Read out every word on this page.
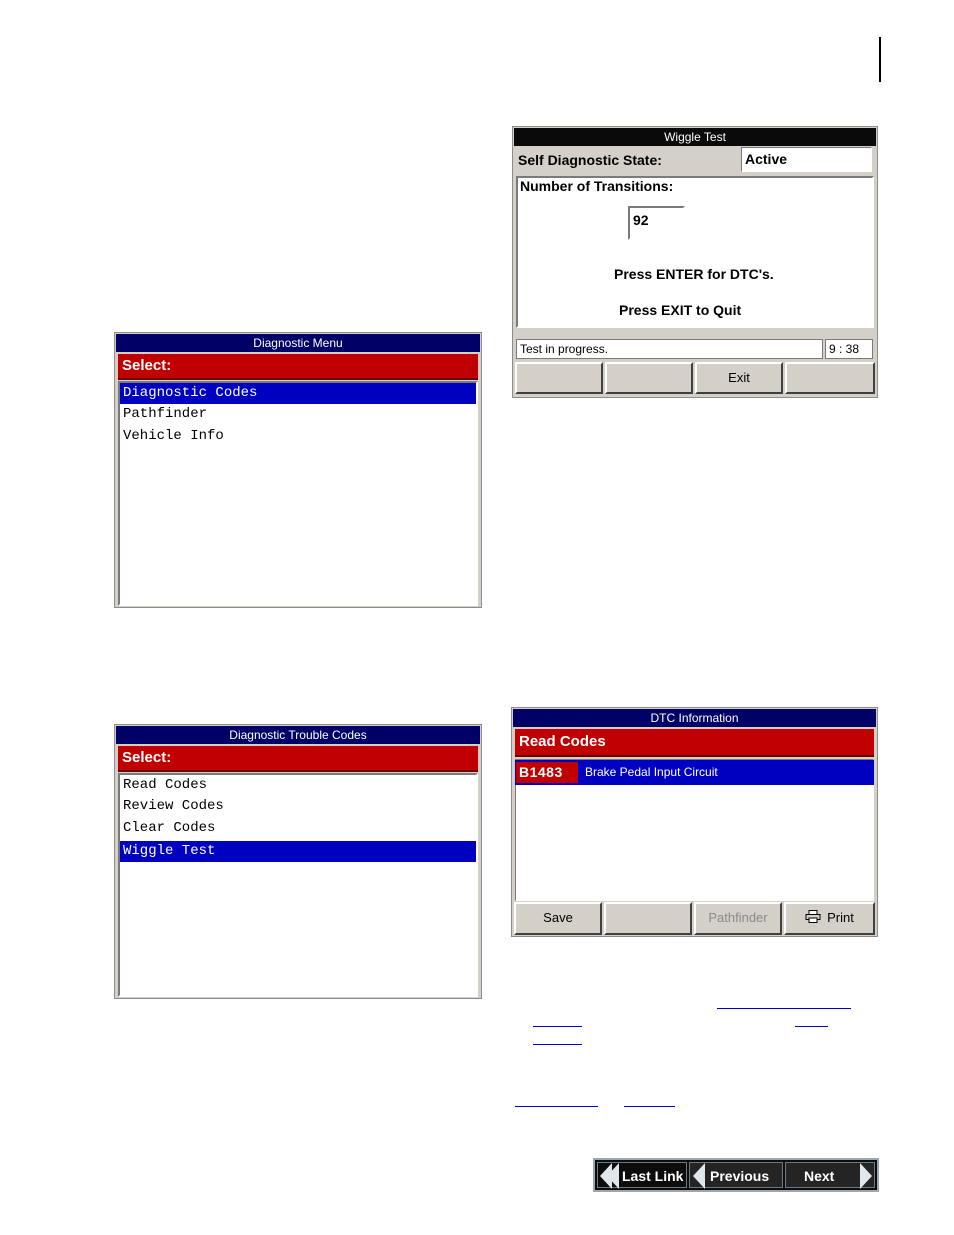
Diagnostic Menu
Select:
Diagnostic Codes
Pathfinder
Vehicle Info
Diagnostic Trouble Codes
Select:
Read Codes
Review Codes
Clear Codes
Wiggle Test
Wiggle Test
Self Diagnostic State:	Active
Number of Transitions:
92
Press ENTER for DTC's.
Press EXIT to Quit
Test in progress.	9 : 38
Exit
DTC Information
Read Codes
B1483	Brake Pedal Input Circuit
Save	Pathfinder	Print
Last Link Previous Next
